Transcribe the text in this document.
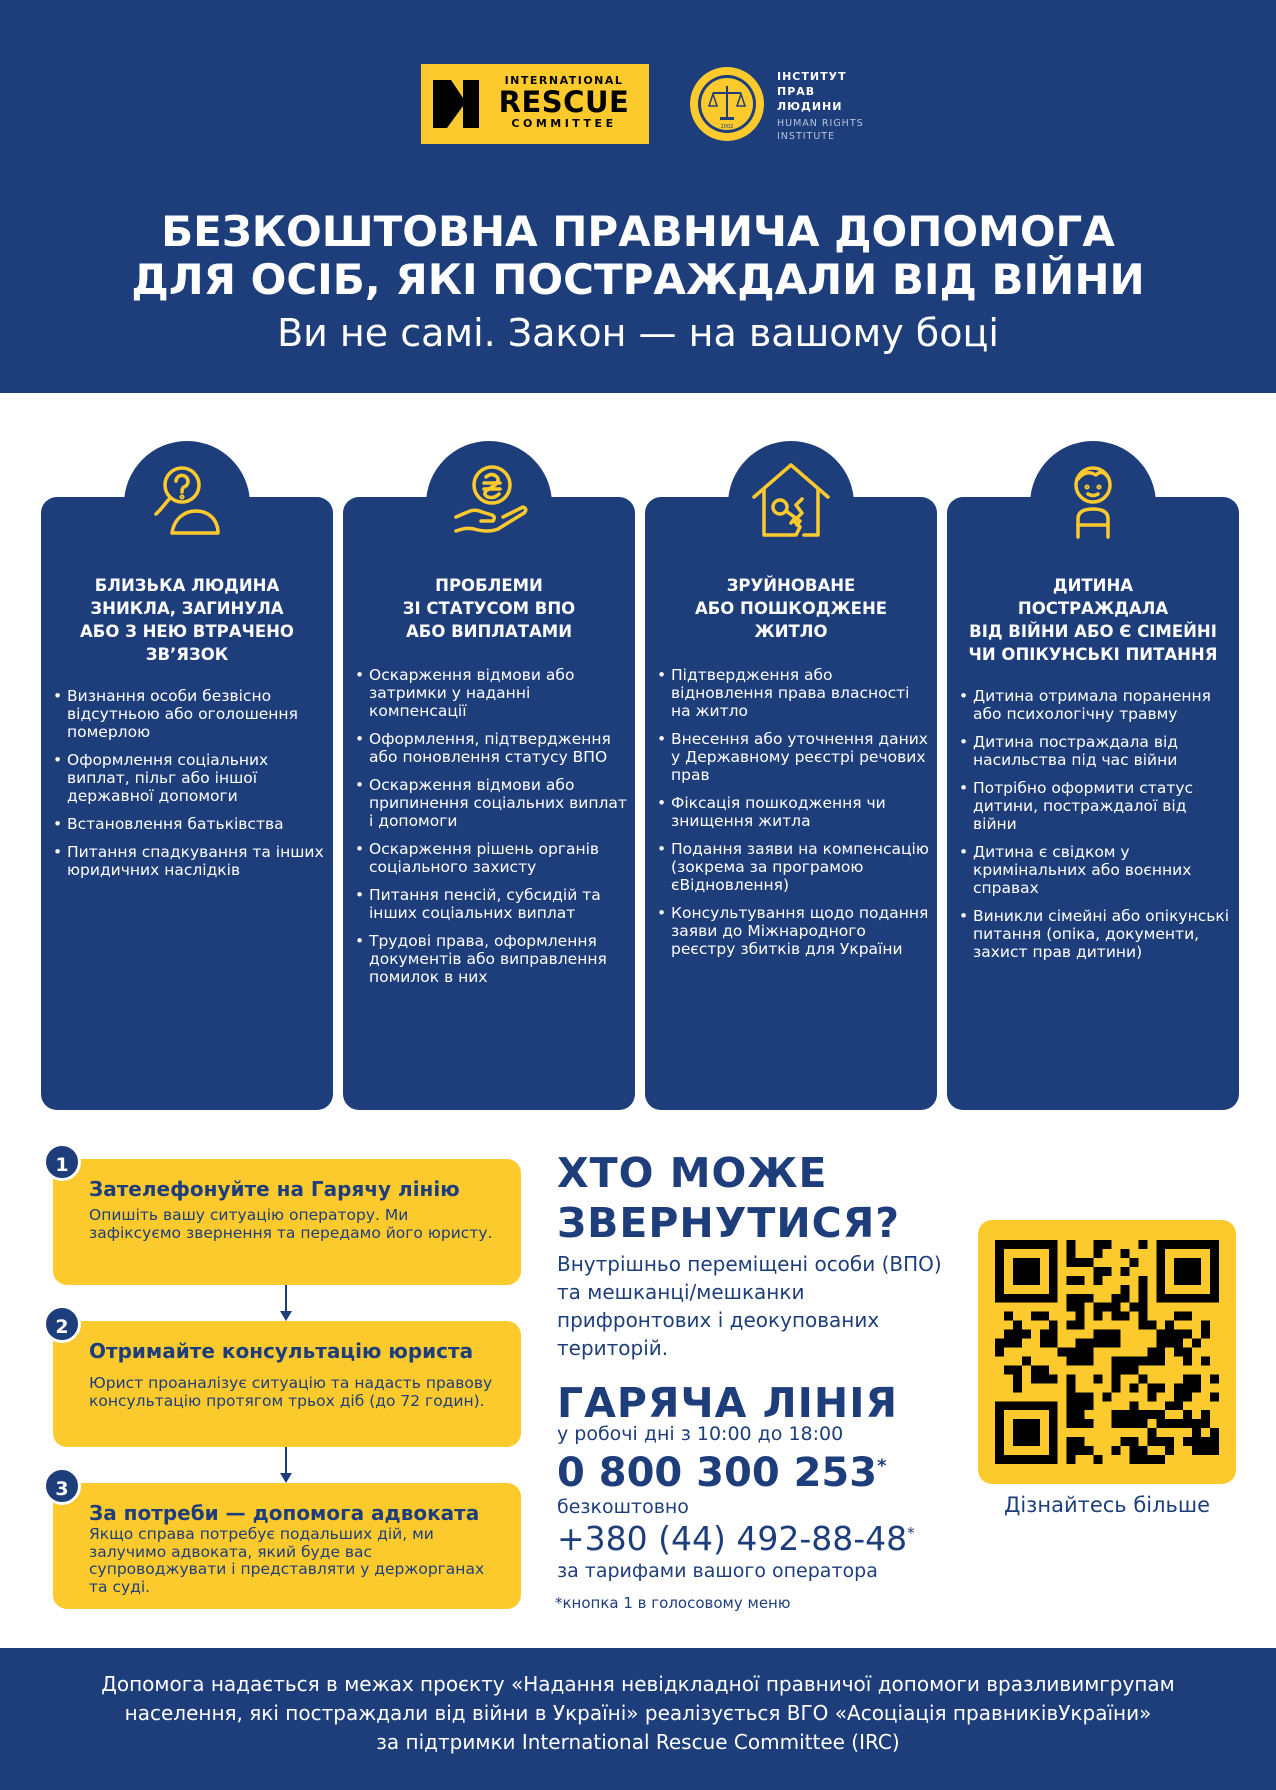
INTERNATIONAL
RESCUE
COMMITTEE	2002
ІНСТИТУТ
ПРАВ
ЛЮДИНИ
HUMAN RIGHTS
INSTITUTE
БЕЗКОШТОВНА ПРАВНИЧА ДОПОМОГА
ДЛЯ ОСІБ, ЯКІ ПОСТРАЖДАЛИ ВІД ВІЙНИ
Ви не самі. Закон — на вашому боці
БЛИЗЬКА ЛЮДИНА
ЗНИКЛА, ЗАГИНУЛА
АБО З НЕЮ ВТРАЧЕНО
ЗВ’ЯЗОК
• Визнання особи безвісно відсутньою або оголошення померлою
• Оформлення соціальних виплат, пільг або іншої державної допомоги
• Встановлення батьківства
• Питання спадкування та інших юридичних наслідків
ПРОБЛЕМИ
ЗІ СТАТУСОМ ВПО
АБО ВИПЛАТАМИ
• Оскарження відмови або затримки у наданні компенсації
• Оформлення, підтвердження або поновлення статусу ВПО
• Оскарження відмови або припинення соціальних виплат і допомоги
• Оскарження рішень органів соціального захисту
• Питання пенсій, субсидій та інших соціальних виплат
• Трудові права, оформлення документів або виправлення помилок в них
ЗРУЙНОВАНЕ
АБО ПОШКОДЖЕНЕ
ЖИТЛО
• Підтвердження або відновлення права власності на житло
• Внесення або уточнення даних у Державному реєстрі речових прав
• Фіксація пошкодження чи знищення житла
• Подання заяви на компенсацію (зокрема за програмою єВідновлення)
• Консультування щодо подання заяви до Міжнародного реєстру збитків для України
ДИТИНА
ПОСТРАЖДАЛА
ВІД ВІЙНИ АБО Є СІМЕЙНІ
ЧИ ОПІКУНСЬКІ ПИТАННЯ
• Дитина отримала поранення або психологічну травму
• Дитина постраждала від насильства під час війни
• Потрібно оформити статус дитини, постраждалої від війни
• Дитина є свідком у кримінальних або воєнних справах
• Виникли сімейні або опікунські питання (опіка, документи, захист прав дитини)
1
Зателефонуйте на Гарячу лінію
Опишіть вашу ситуацію оператору. Ми зафіксуємо звернення та передамо його юристу.
2
Отримайте консультацію юриста
Юрист проаналізує ситуацію та надасть правову консультацію протягом трьох діб (до 72 годин).
3
За потреби — допомога адвоката
Якщо справа потребує подальших дій, ми залучимо адвоката, який буде вас супроводжувати і представляти у держорганах та суді.
ХТО МОЖЕ
ЗВЕРНУТИСЯ?
Внутрішньо переміщені особи (ВПО) та мешканці/мешканки прифронтових і деокупованих територій.
ГАРЯЧА ЛІНІЯ
у робочі дні з 10:00 до 18:00
0 800 300 253*
безкоштовно
+380 (44) 492-88-48*
за тарифами вашого оператора
*кнопка 1 в голосовому меню
Дізнайтесь більше
Допомога надається в межах проєкту «Надання невідкладної правничої допомоги вразливимгрупам
населення, які постраждали від війни в Україні» реалізується ВГО «Асоціація правниківУкраїни»
за підтримки International Rescue Committee (IRC)
